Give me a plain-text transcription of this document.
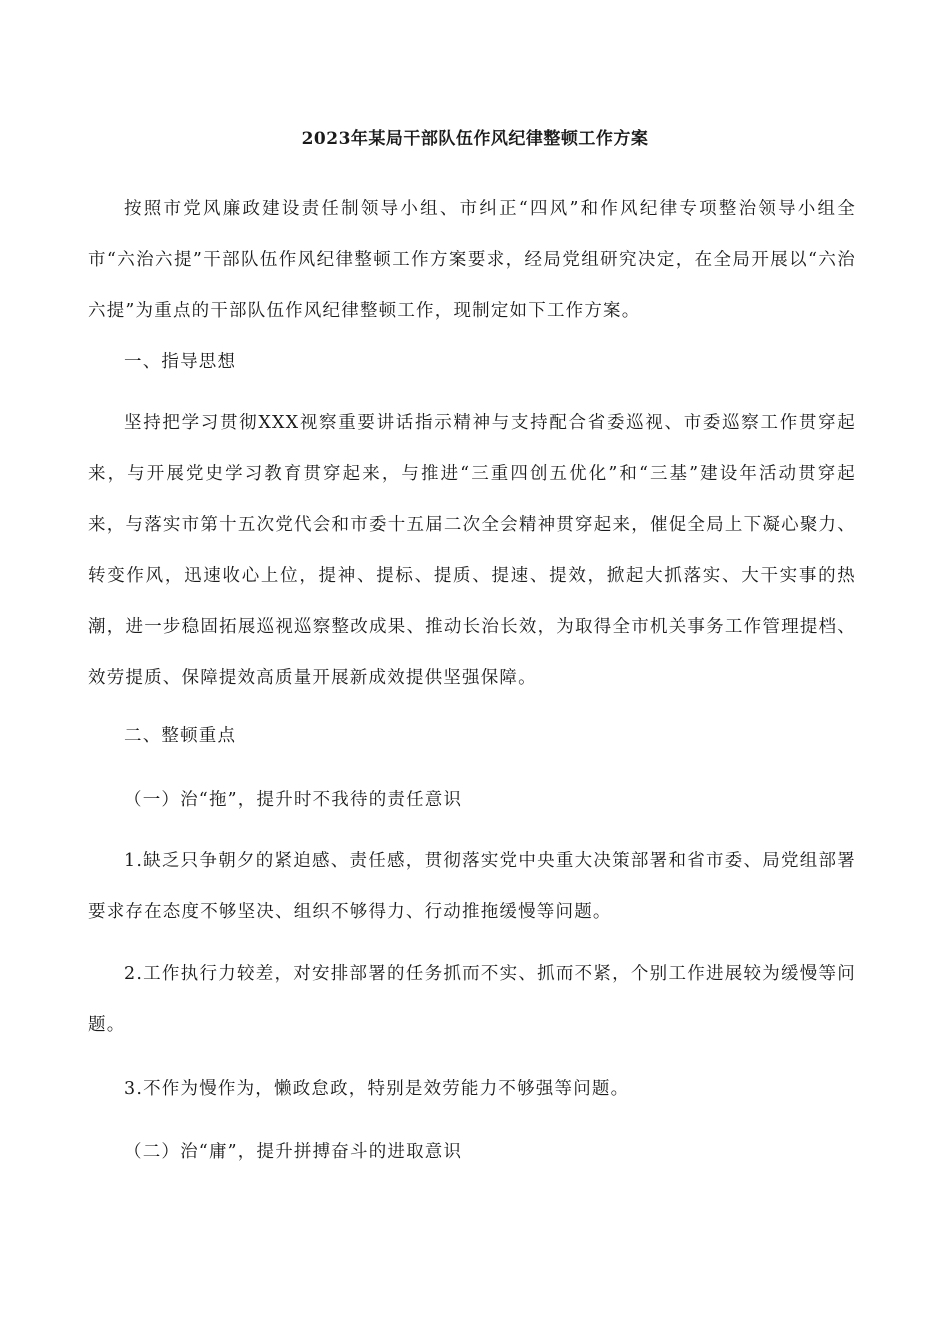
2023年某局干部队伍作风纪律整顿工作方案

按照市党风廉政建设责任制领导小组、市纠正“四风”和作风纪律专项整治领导小组全市“六治六提”干部队伍作风纪律整顿工作方案要求，经局党组研究决定，在全局开展以“六治六提”为重点的干部队伍作风纪律整顿工作，现制定如下工作方案。

一、指导思想

坚持把学习贯彻XXX视察重要讲话指示精神与支持配合省委巡视、市委巡察工作贯穿起来，与开展党史学习教育贯穿起来，与推进“三重四创五优化”和“三基”建设年活动贯穿起来，与落实市第十五次党代会和市委十五届二次全会精神贯穿起来，催促全局上下凝心聚力、转变作风，迅速收心上位，提神、提标、提质、提速、提效，掀起大抓落实、大干实事的热潮，进一步稳固拓展巡视巡察整改成果、推动长治长效，为取得全市机关事务工作管理提档、效劳提质、保障提效高质量开展新成效提供坚强保障。

二、整顿重点

（一）治“拖”，提升时不我待的责任意识

1.缺乏只争朝夕的紧迫感、责任感，贯彻落实党中央重大决策部署和省市委、局党组部署要求存在态度不够坚决、组织不够得力、行动推拖缓慢等问题。

2.工作执行力较差，对安排部署的任务抓而不实、抓而不紧，个别工作进展较为缓慢等问题。

3.不作为慢作为，懒政怠政，特别是效劳能力不够强等问题。

（二）治“庸”，提升拼搏奋斗的进取意识
